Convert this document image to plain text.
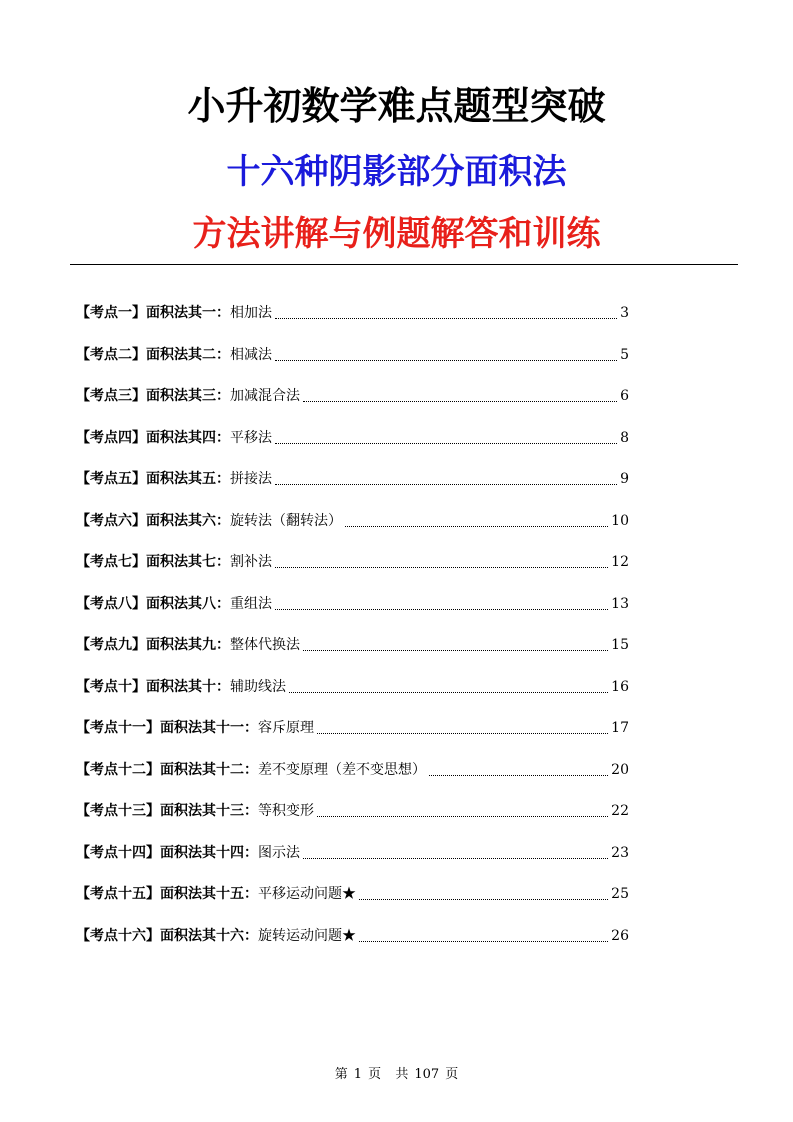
小升初数学难点题型突破
十六种阴影部分面积法
方法讲解与例题解答和训练
【考点一】面积法其一： 相加法	3
【考点二】面积法其二： 相减法	5
【考点三】面积法其三： 加减混合法	6
【考点四】面积法其四： 平移法	8
【考点五】面积法其五： 拼接法	9
【考点六】面积法其六： 旋转法（翻转法）	10
【考点七】面积法其七： 割补法	12
【考点八】面积法其八： 重组法	13
【考点九】面积法其九： 整体代换法	15
【考点十】面积法其十： 辅助线法	16
【考点十一】面积法其十一： 容斥原理	17
【考点十二】面积法其十二： 差不变原理（差不变思想）	20
【考点十三】面积法其十三： 等积变形	22
【考点十四】面积法其十四： 图示法	23
【考点十五】面积法其十五： 平移运动问题★	25
【考点十六】面积法其十六： 旋转运动问题★	26
第 1 页 共 107 页
